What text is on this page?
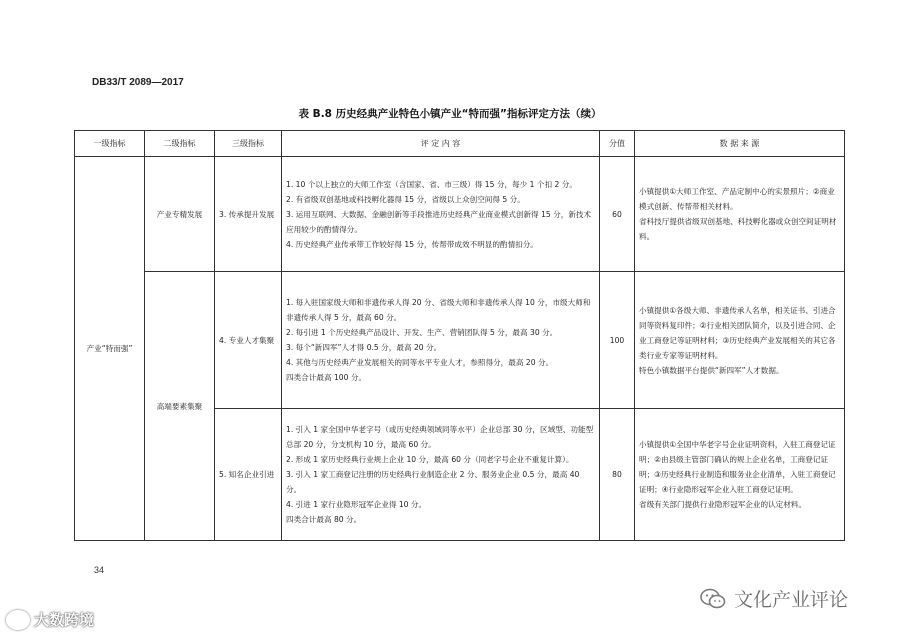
DB33/T 2089—2017
表 B.8 历史经典产业特色小镇产业“特而强”指标评定方法（续）
一级指标	二级指标	三级指标	评 定 内 容	分值	数 据 来 源
产业“特而强”	产业专精发展	3. 传承提升发展	1. 10 个以上独立的大师工作室（含国家、省、市三级）得 15 分，每少 1 个扣 2 分。
2. 有省级双创基地或科技孵化器得 15 分，省级以上众创空间得 5 分。
3. 运用互联网、大数据、金融创新等手段推进历史经典产业商业模式创新得 15 分，新技术应用较少的酌情得分。
4. 历史经典产业传承带工作较好得 15 分，传帮带成效不明显的酌情扣分。	60	小镇提供①大师工作室、产品定制中心的实景照片；②商业模式创新、传帮带相关材料。
省科技厅提供省级双创基地、科技孵化器或众创空间证明材料。

	高端要素集聚	4. 专业人才集聚	1. 每入驻国家级大师和非遗传承人得 20 分、省级大师和非遗传承人得 10 分，市级大师和非遗传承人得 5 分，最高 60 分。
2. 每引进 1 个历史经典产品设计、开发、生产、营销团队得 5 分，最高 30 分。
3. 每个“新四军”人才得 0.5 分，最高 20 分。
4. 其他与历史经典产业发展相关的同等水平专业人才，参照得分，最高 20 分。
四类合计最高 100 分。	100	小镇提供①各级大师、非遗传承人名单，相关证书、引进合同等资料复印件；②行业相关团队简介，以及引进合同、企业工商登记等证明材料；③历史经典产业发展相关的其它各类行业专家等证明材料。
特色小镇数据平台提供“新四军”人才数据。

		5. 知名企业引进	1. 引入 1 家全国中华老字号（或历史经典领域同等水平）企业总部 30 分，区域型、功能型总部 20 分，分支机构 10 分，最高 60 分。
2. 形成 1 家历史经典行业规上企业 10 分，最高 60 分（同老字号企业不重复计算）。
3. 引入 1 家工商登记注册的历史经典行业制造企业 2 分、服务业企业 0.5 分，最高 40 分。
4. 引进 1 家行业隐形冠军企业得 10 分。
四类合计最高 80 分。	80	小镇提供①全国中华老字号企业证明资料，入驻工商登记证明；②由县级主管部门确认的规上企业名单，工商登记证明；③历史经典行业制造和服务业企业清单，入驻工商登记证明；④行业隐形冠军企业入驻工商登记证明。
省级有关部门提供行业隐形冠军企业的认定材料。

34
大数跨境
文化产业评论
